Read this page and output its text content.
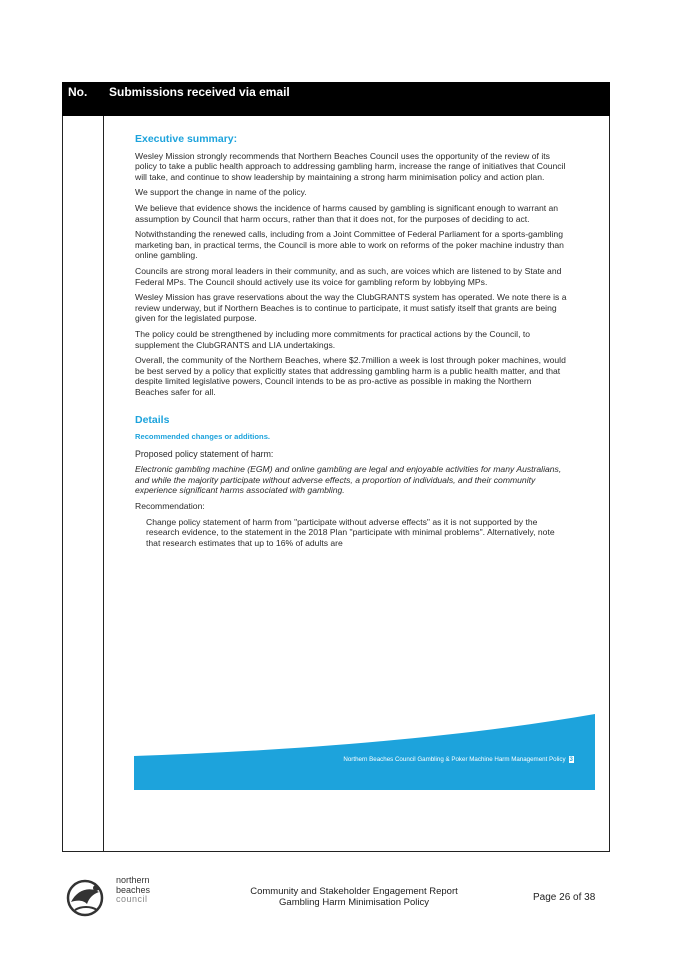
No. Submissions received via email
Executive summary:

Wesley Mission strongly recommends that Northern Beaches Council uses the opportunity of the review of its policy to take a public health approach to addressing gambling harm, increase the range of initiatives that Council will take, and continue to show leadership by maintaining a strong harm minimisation policy and action plan.

We support the change in name of the policy.

We believe that evidence shows the incidence of harms caused by gambling is significant enough to warrant an assumption by Council that harm occurs, rather than that it does not, for the purposes of deciding to act.

Notwithstanding the renewed calls, including from a Joint Committee of Federal Parliament for a sports-gambling marketing ban, in practical terms, the Council is more able to work on reforms of the poker machine industry than online gambling.

Councils are strong moral leaders in their community, and as such, are voices which are listened to by State and Federal MPs. The Council should actively use its voice for gambling reform by lobbying MPs.

Wesley Mission has grave reservations about the way the ClubGRANTS system has operated. We note there is a review underway, but if Northern Beaches is to continue to participate, it must satisfy itself that grants are being given for the legislated purpose.

The policy could be strengthened by including more commitments for practical actions by the Council, to supplement the ClubGRANTS and LIA undertakings.

Overall, the community of the Northern Beaches, where $2.7million a week is lost through poker machines, would be best served by a policy that explicitly states that addressing gambling harm is a public health matter, and that despite limited legislative powers, Council intends to be as pro-active as possible in making the Northern Beaches safer for all.

Details
Recommended changes or additions.
Proposed policy statement of harm:

Electronic gambling machine (EGM) and online gambling are legal and enjoyable activities for many Australians, and while the majority participate without adverse effects, a proportion of individuals, and their community experience significant harms associated with gambling.

Recommendation:

Change policy statement of harm from "participate without adverse effects" as it is not supported by the research evidence, to the statement in the 2018 Plan "participate with minimal problems". Alternatively, note that research estimates that up to 16% of adults are

Northern Beaches Council Gambling & Poker Machine Harm Management Policy 3
northern
beaches
council
Community and Stakeholder Engagement Report
Gambling Harm Minimisation Policy	Page 26 of 38
